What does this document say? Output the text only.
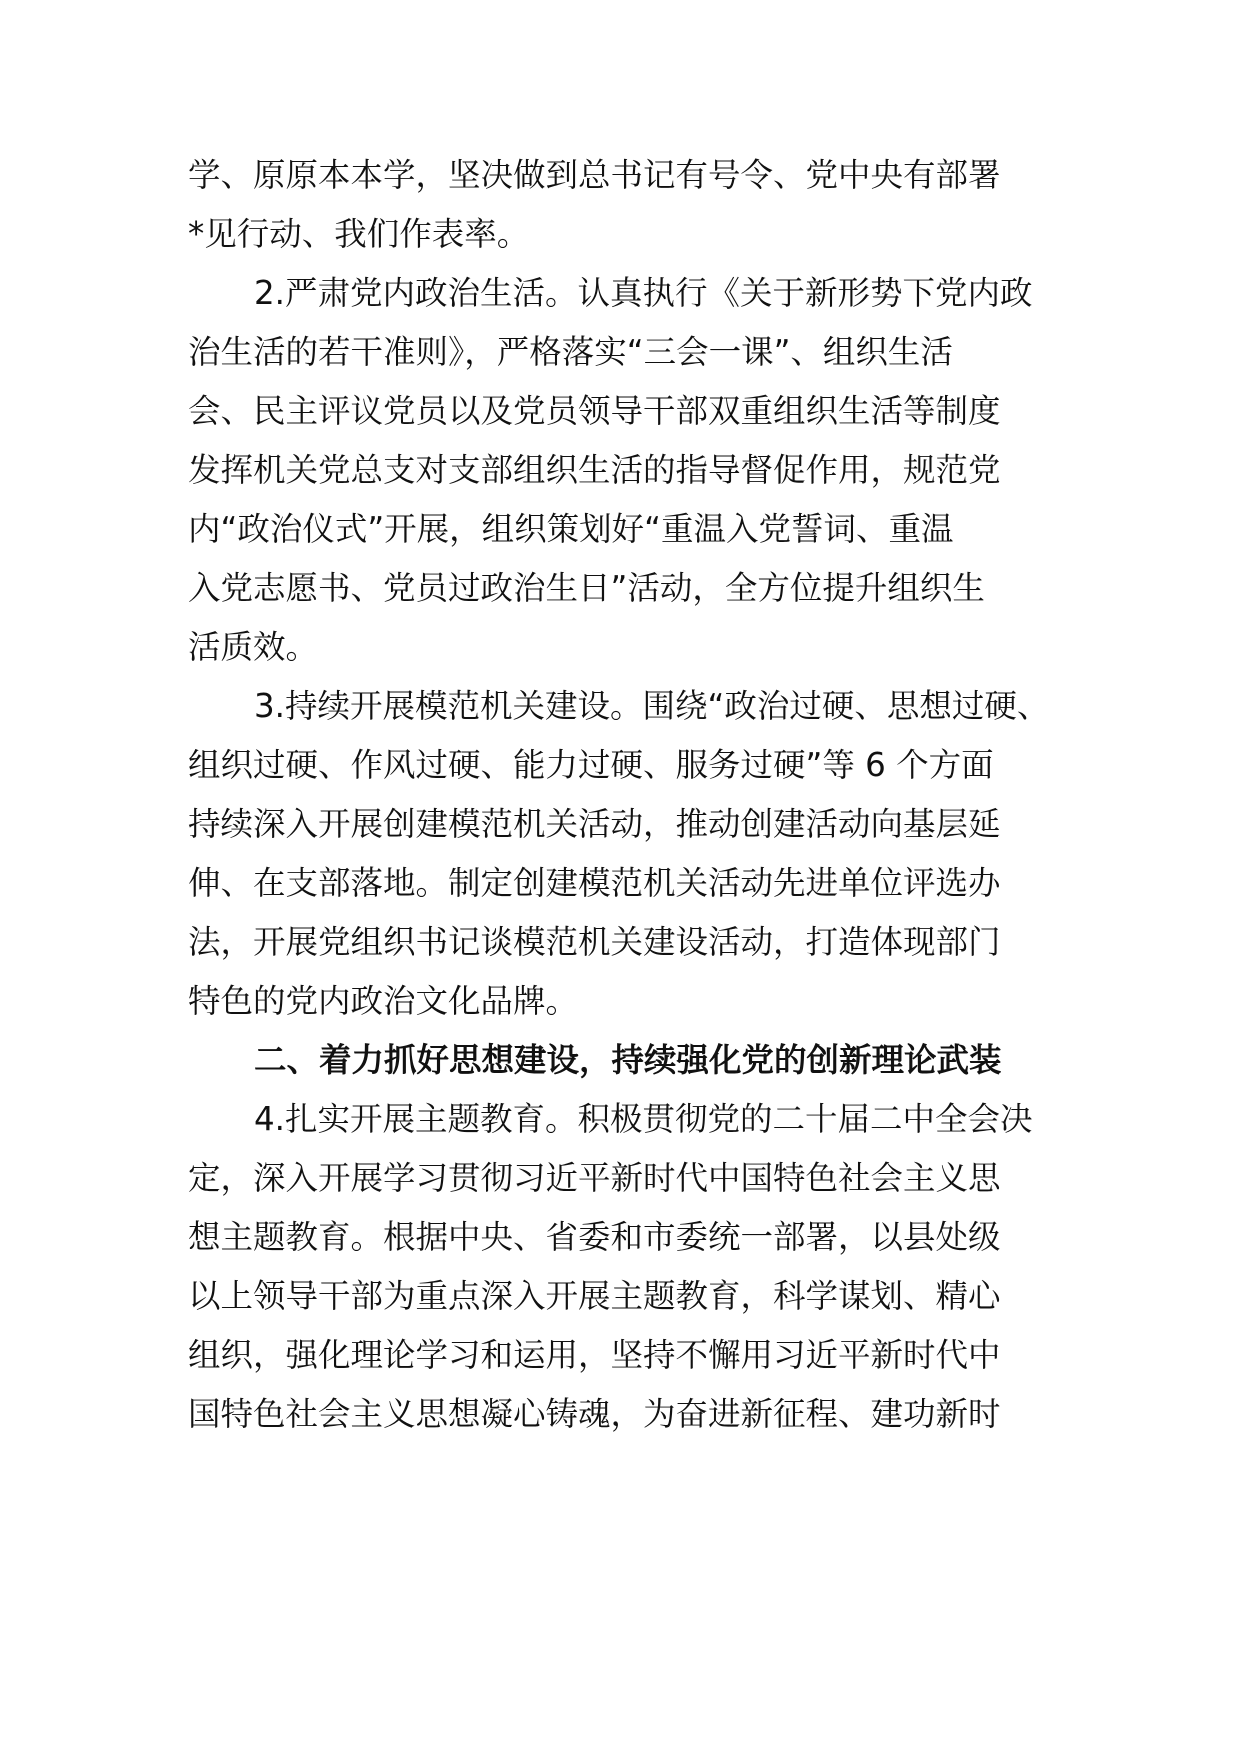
学、原原本本学，坚决做到总书记有号令、党中央有部署

*见行动、我们作表率。

2.严肃党内政治生活。认真执行《关于新形势下党内政

治生活的若干准则》，严格落实“三会一课”、组织生活

会、民主评议党员以及党员领导干部双重组织生活等制度

发挥机关党总支对支部组织生活的指导督促作用，规范党

内“政治仪式”开展，组织策划好“重温入党誓词、重温

入党志愿书、党员过政治生日”活动，全方位提升组织生

活质效。

3.持续开展模范机关建设。围绕“政治过硬、思想过硬、

组织过硬、作风过硬、能力过硬、服务过硬”等 6 个方面

持续深入开展创建模范机关活动，推动创建活动向基层延

伸、在支部落地。制定创建模范机关活动先进单位评选办

法，开展党组织书记谈模范机关建设活动，打造体现部门

特色的党内政治文化品牌。

二、着力抓好思想建设，持续强化党的创新理论武装

4.扎实开展主题教育。积极贯彻党的二十届二中全会决

定，深入开展学习贯彻习近平新时代中国特色社会主义思

想主题教育。根据中央、省委和市委统一部署，以县处级

以上领导干部为重点深入开展主题教育，科学谋划、精心

组织，强化理论学习和运用，坚持不懈用习近平新时代中

国特色社会主义思想凝心铸魂，为奋进新征程、建功新时
